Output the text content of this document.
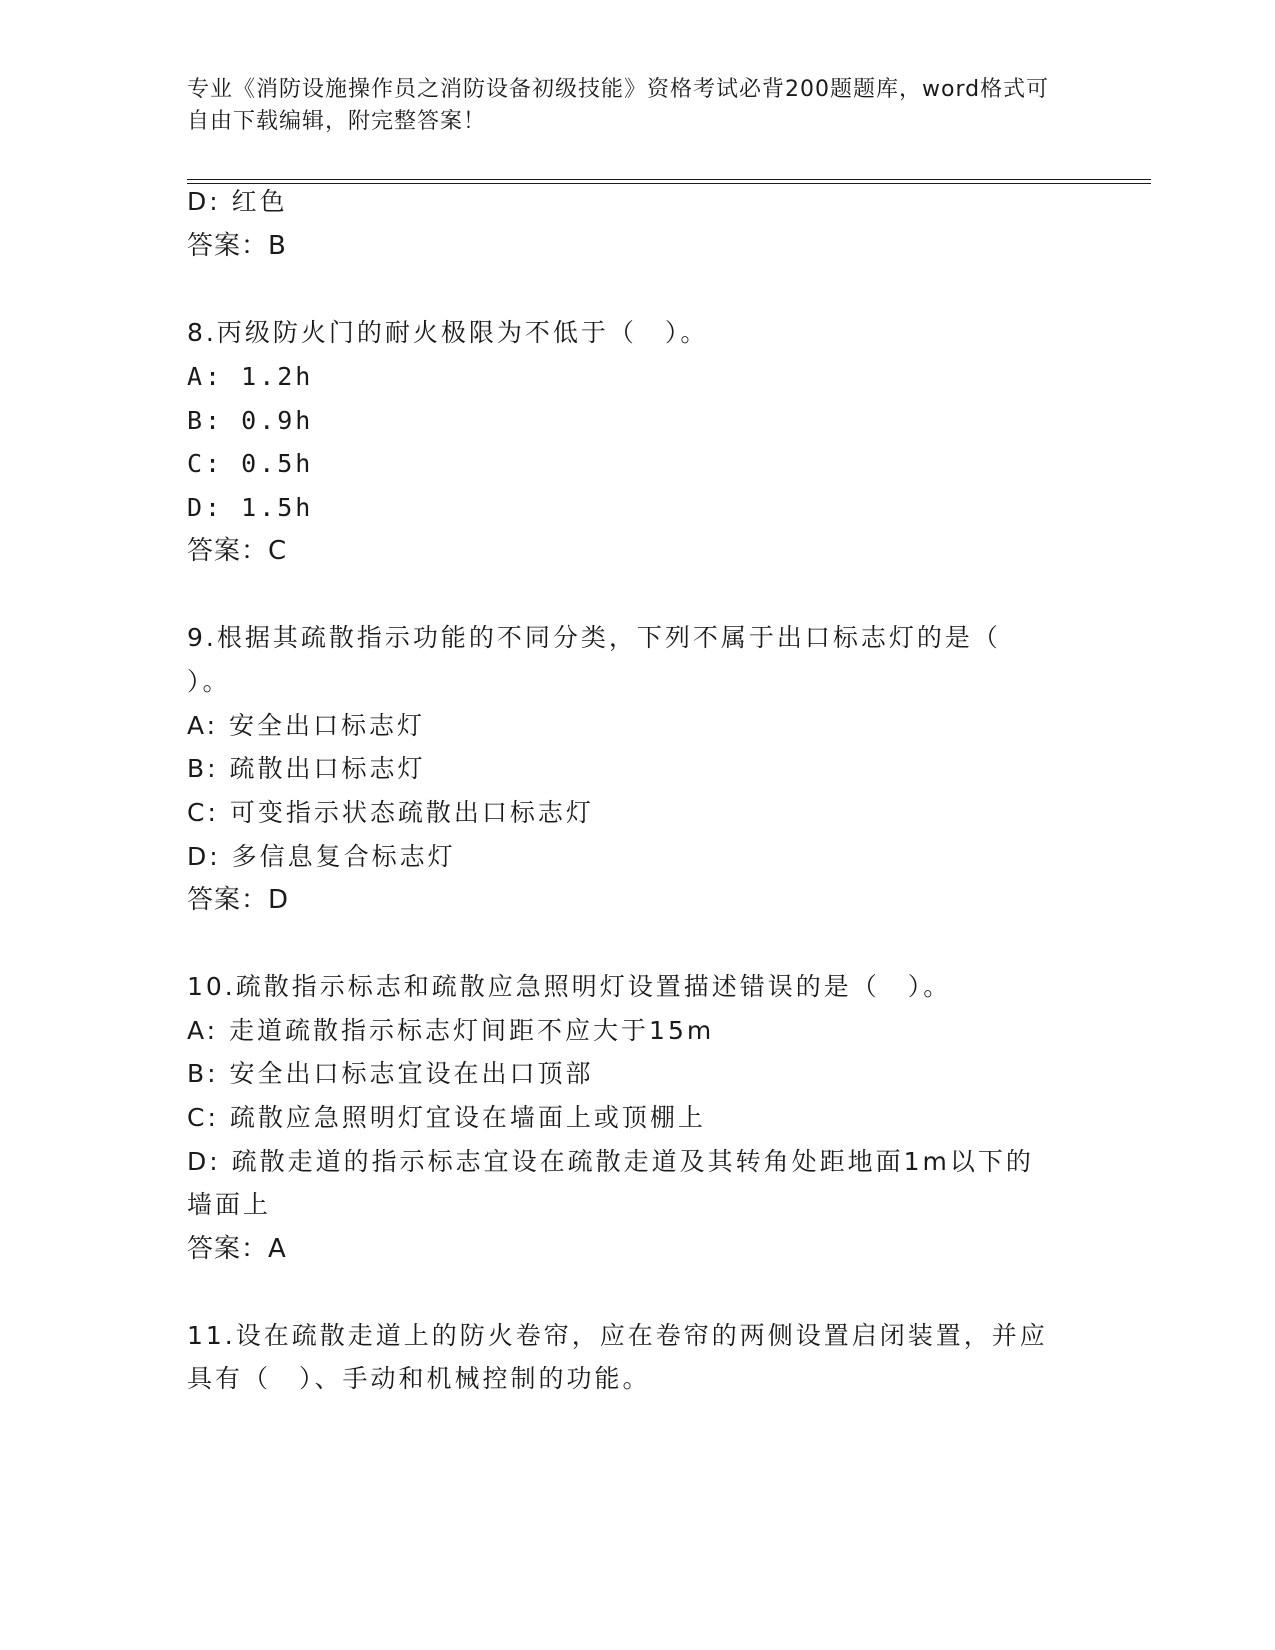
专业《消防设施操作员之消防设备初级技能》资格考试必背200题题库，word格式可自由下载编辑，附完整答案！
D: 红色
答案：B
8.丙级防火门的耐火极限为不低于（　）。
A: 1.2h
B: 0.9h
C: 0.5h
D: 1.5h
答案：C
9.根据其疏散指示功能的不同分类，下列不属于出口标志灯的是（
）。
A: 安全出口标志灯
B: 疏散出口标志灯
C: 可变指示状态疏散出口标志灯
D: 多信息复合标志灯
答案：D
10.疏散指示标志和疏散应急照明灯设置描述错误的是（　）。
A: 走道疏散指示标志灯间距不应大于15m
B: 安全出口标志宜设在出口顶部
C: 疏散应急照明灯宜设在墙面上或顶棚上
D: 疏散走道的指示标志宜设在疏散走道及其转角处距地面1m以下的
墙面上
答案：A
11.设在疏散走道上的防火卷帘，应在卷帘的两侧设置启闭装置，并应
具有（　）、手动和机械控制的功能。
